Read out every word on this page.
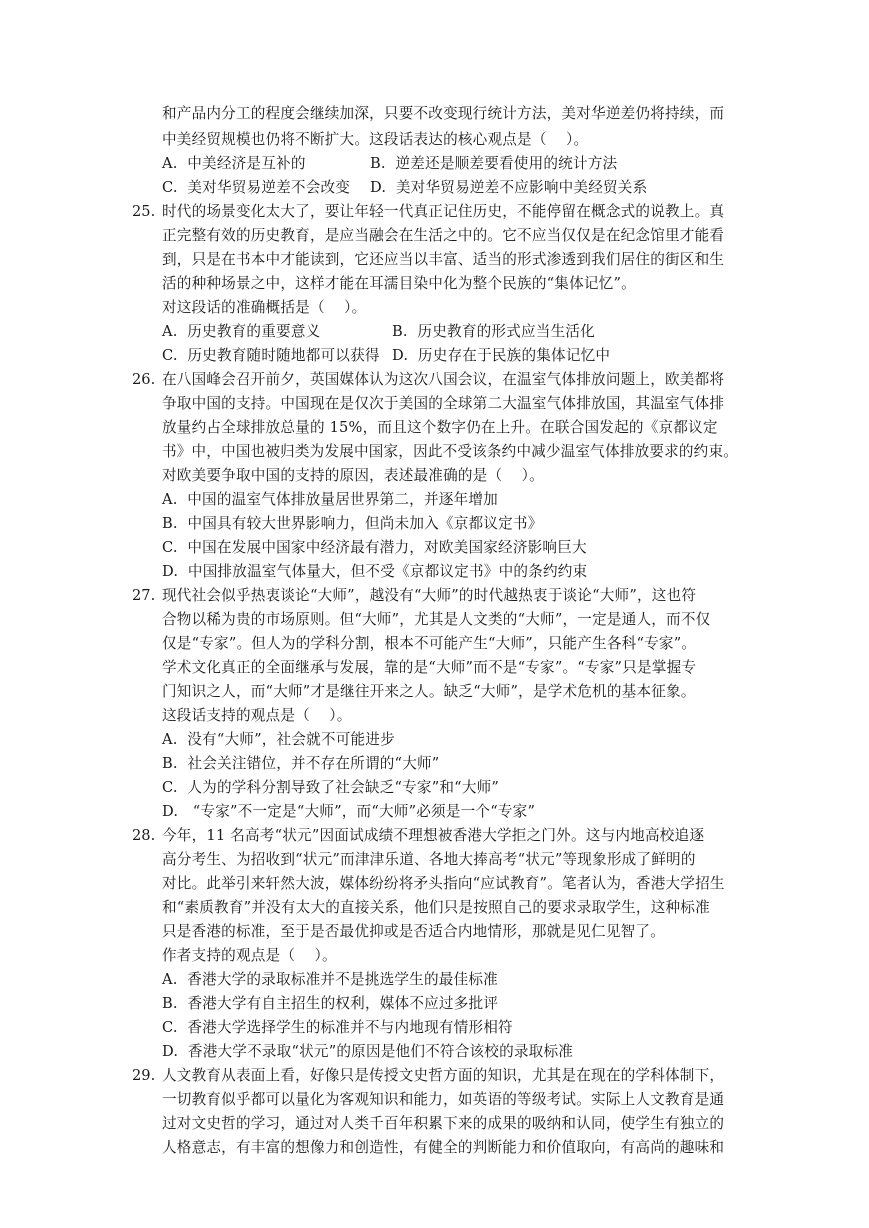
和产品内分工的程度会继续加深，只要不改变现行统计方法，美对华逆差仍将持续，而
中美经贸规模也仍将不断扩大。这段话表达的核心观点是（    ）。
A.  中美经济是互补的	B.  逆差还是顺差要看使用的统计方法
C.  美对华贸易逆差不会改变 D.  美对华贸易逆差不应影响中美经贸关系
25. 时代的场景变化太大了，要让年轻一代真正记住历史，不能停留在概念式的说教上。真
正完整有效的历史教育，是应当融会在生活之中的。它不应当仅仅是在纪念馆里才能看
到，只是在书本中才能读到，它还应当以丰富、适当的形式渗透到我们居住的街区和生
活的种种场景之中，这样才能在耳濡目染中化为整个民族的“集体记忆”。
对这段话的准确概括是（    ）。
A.  历史教育的重要意义	B.  历史教育的形式应当生活化
C.  历史教育随时随地都可以获得 D.  历史存在于民族的集体记忆中
26. 在八国峰会召开前夕，英国媒体认为这次八国会议，在温室气体排放问题上，欧美都将
争取中国的支持。中国现在是仅次于美国的全球第二大温室气体排放国，其温室气体排
放量约占全球排放总量的 15%，而且这个数字仍在上升。在联合国发起的《京都议定
书》中，中国也被归类为发展中国家，因此不受该条约中减少温室气体排放要求的约束。
对欧美要争取中国的支持的原因，表述最准确的是（    ）。
A.  中国的温室气体排放量居世界第二，并逐年增加
B.  中国具有较大世界影响力，但尚未加入《京都议定书》
C.  中国在发展中国家中经济最有潜力，对欧美国家经济影响巨大
D.  中国排放温室气体量大，但不受《京都议定书》中的条约约束
27. 现代社会似乎热衷谈论“大师”，越没有“大师”的时代越热衷于谈论“大师”，这也符
合物以稀为贵的市场原则。但“大师”，尤其是人文类的“大师”，一定是通人，而不仅
仅是“专家”。但人为的学科分割，根本不可能产生“大师”，只能产生各科“专家”。
学术文化真正的全面继承与发展，靠的是“大师”而不是“专家”。“专家”只是掌握专
门知识之人，而“大师”才是继往开来之人。缺乏“大师”，是学术危机的基本征象。
这段话支持的观点是（    ）。
A.  没有“大师”，社会就不可能进步
B.  社会关注错位，并不存在所谓的“大师”
C.  人为的学科分割导致了社会缺乏“专家”和“大师”
D.   “专家”不一定是“大师”，而“大师”必须是一个“专家”
28. 今年，11 名高考“状元”因面试成绩不理想被香港大学拒之门外。这与内地高校追逐
高分考生、为招收到“状元”而津津乐道、各地大捧高考“状元”等现象形成了鲜明的
对比。此举引来轩然大波，媒体纷纷将矛头指向“应试教育”。笔者认为，香港大学招生
和“素质教育”并没有太大的直接关系，他们只是按照自己的要求录取学生，这种标准
只是香港的标准，至于是否最优抑或是否适合内地情形，那就是见仁见智了。
作者支持的观点是（    ）。
A.  香港大学的录取标准并不是挑选学生的最佳标准
B.  香港大学有自主招生的权利，媒体不应过多批评
C.  香港大学选择学生的标准并不与内地现有情形相符
D.  香港大学不录取“状元”的原因是他们不符合该校的录取标准
29. 人文教育从表面上看，好像只是传授文史哲方面的知识，尤其是在现在的学科体制下，
一切教育似乎都可以量化为客观知识和能力，如英语的等级考试。实际上人文教育是通
过对文史哲的学习，通过对人类千百年积累下来的成果的吸纳和认同，使学生有独立的
人格意志，有丰富的想像力和创造性，有健全的判断能力和价值取向，有高尚的趣味和
